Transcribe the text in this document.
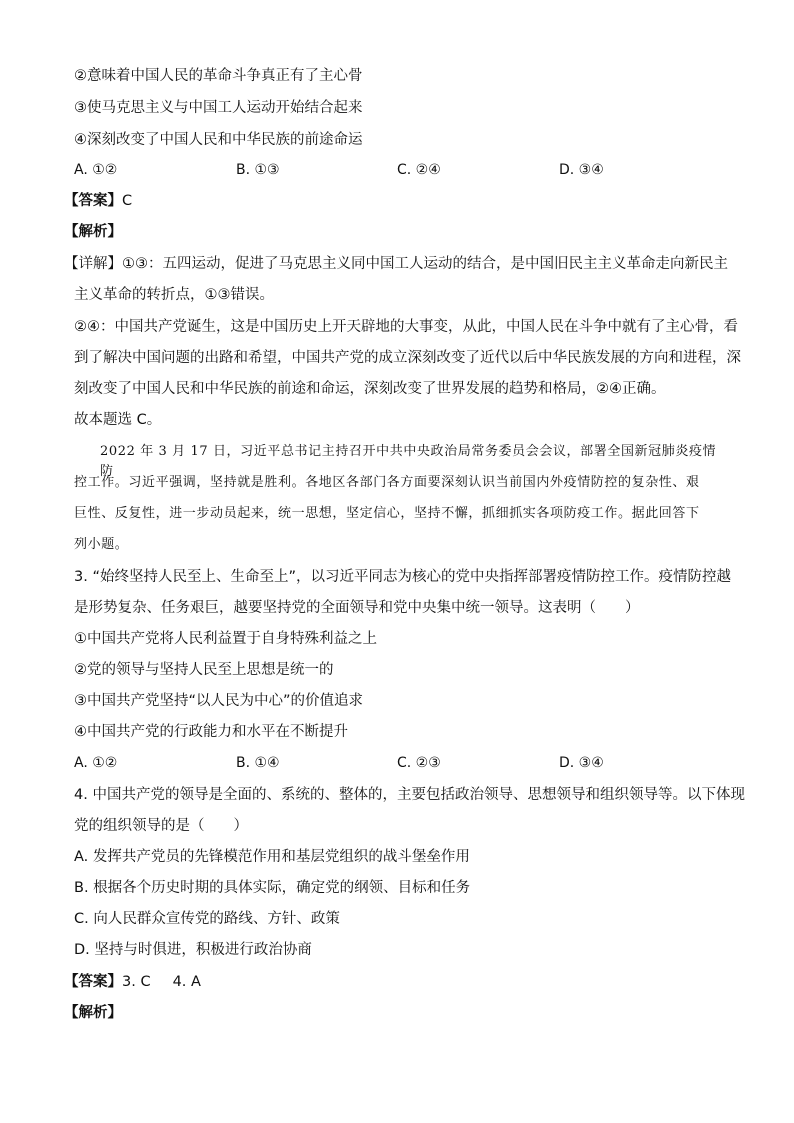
②意味着中国人民的革命斗争真正有了主心骨
③使马克思主义与中国工人运动开始结合起来
④深刻改变了中国人民和中华民族的前途命运
A. ①②	B. ①③	C. ②④	D. ③④
【答案】C
【解析】
【详解】①③：五四运动，促进了马克思主义同中国工人运动的结合，是中国旧民主主义革命走向新民主
主义革命的转折点，①③错误。
②④：中国共产党诞生，这是中国历史上开天辟地的大事变，从此，中国人民在斗争中就有了主心骨，看
到了解决中国问题的出路和希望，中国共产党的成立深刻改变了近代以后中华民族发展的方向和进程，深
刻改变了中国人民和中华民族的前途和命运，深刻改变了世界发展的趋势和格局，②④正确。
故本题选 C。
2022 年 3 月 17 日，习近平总书记主持召开中共中央政治局常务委员会会议，部署全国新冠肺炎疫情防
控工作。习近平强调，坚持就是胜利。各地区各部门各方面要深刻认识当前国内外疫情防控的复杂性、艰
巨性、反复性，进一步动员起来，统一思想，坚定信心，坚持不懈，抓细抓实各项防疫工作。据此回答下
列小题。
3. “始终坚持人民至上、生命至上”，以习近平同志为核心的党中央指挥部署疫情防控工作。疫情防控越
是形势复杂、任务艰巨，越要坚持党的全面领导和党中央集中统一领导。这表明（　　）
①中国共产党将人民利益置于自身特殊利益之上
②党的领导与坚持人民至上思想是统一的
③中国共产党坚持“以人民为中心”的价值追求
④中国共产党的行政能力和水平在不断提升
A. ①②	B. ①④	C. ②③	D. ③④
4. 中国共产党的领导是全面的、系统的、整体的，主要包括政治领导、思想领导和组织领导等。以下体现
党的组织领导的是（　　）
A. 发挥共产党员的先锋模范作用和基层党组织的战斗堡垒作用
B. 根据各个历史时期的具体实际，确定党的纲领、目标和任务
C. 向人民群众宣传党的路线、方针、政策
D. 坚持与时俱进，积极进行政治协商
【答案】3. C 4. A
【解析】
